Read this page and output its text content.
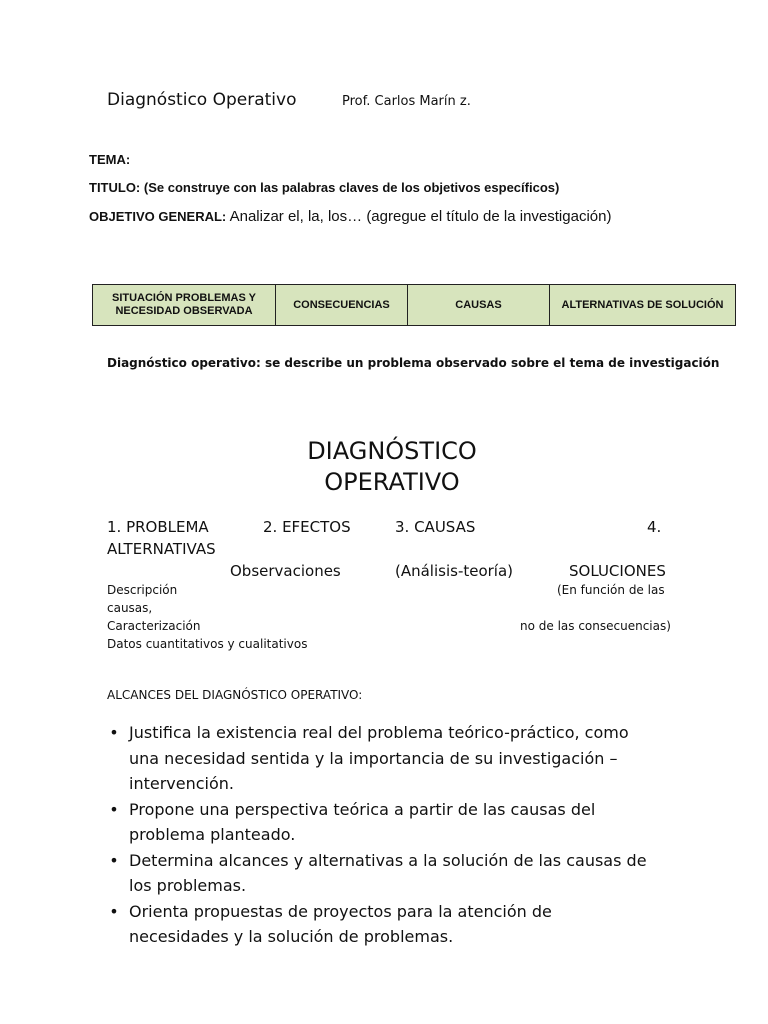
Diagnóstico Operativo	Prof. Carlos Marín z.
TEMA:
TITULO: (Se construye con las palabras claves de los objetivos específicos)
OBJETIVO GENERAL: Analizar el, la, los… (agregue el título de la investigación)
SITUACIÓN PROBLEMAS Y NECESIDAD OBSERVADA	CONSECUENCIAS	CAUSAS	ALTERNATIVAS DE SOLUCIÓN
Diagnóstico operativo: se describe un problema observado sobre el tema de investigación
DIAGNÓSTICO
OPERATIVO
1. PROBLEMA	2. EFECTOS	3. CAUSAS	4.
ALTERNATIVAS
Observaciones	(Análisis-teoría)	SOLUCIONES
Descripción	(En función de las
causas,
Caracterización	no de las consecuencias)
Datos cuantitativos y cualitativos
ALCANCES DEL DIAGNÓSTICO OPERATIVO:
• Justifica la existencia real del problema teórico-práctico, como una necesidad sentida y la importancia de su investigación – intervención.
• Propone una perspectiva teórica a partir de las causas del problema planteado.
• Determina alcances y alternativas a la solución de las causas de los problemas.
• Orienta propuestas de proyectos para la atención de necesidades y la solución de problemas.
